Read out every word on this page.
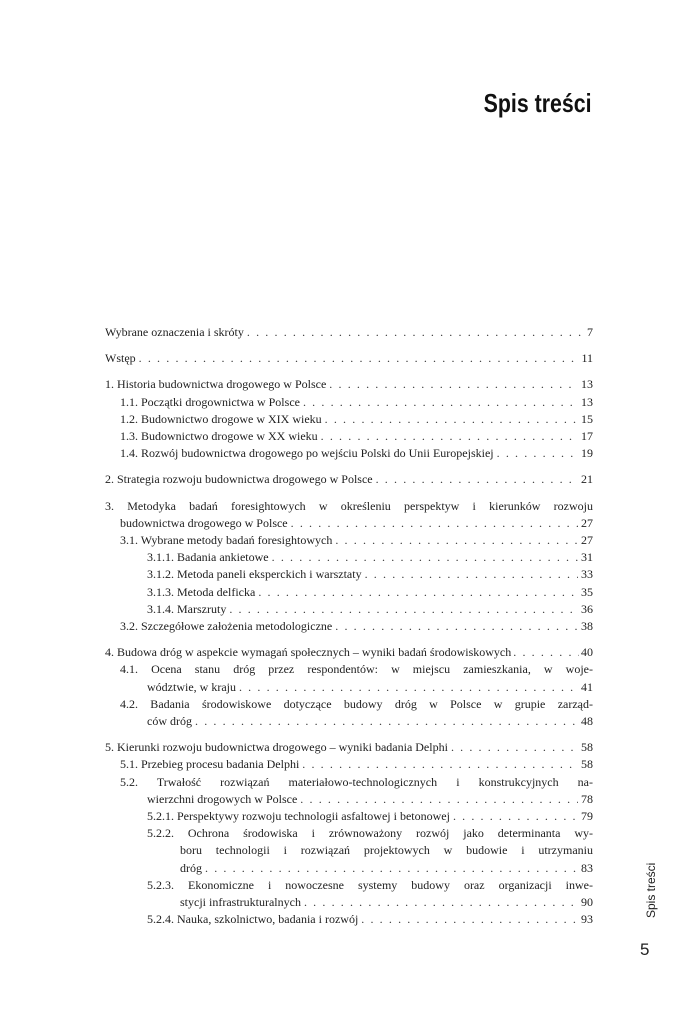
Spis treści
Wybrane oznaczenia i skróty . . .	7
Wstęp . . .	11
1. Historia budownictwa drogowego w Polsce . . .	13
1.1. Początki drogownictwa w Polsce . . .	13
1.2. Budownictwo drogowe w XIX wieku . . .	15
1.3. Budownictwo drogowe w XX wieku . . .	17
1.4. Rozwój budownictwa drogowego po wejściu Polski do Unii Europejskiej . . .	19
2. Strategia rozwoju budownictwa drogowego w Polsce . . .	21
3. Metodyka badań foresightowych w określeniu perspektyw i kierunków rozwoju
budownictwa drogowego w Polsce . . .	27
3.1. Wybrane metody badań foresightowych . . .	27
3.1.1. Badania ankietowe . . .	31
3.1.2. Metoda paneli eksperckich i warsztaty . . .	33
3.1.3. Metoda delficka . . .	35
3.1.4. Marszruty . . .	36
3.2. Szczegółowe założenia metodologiczne . . .	38
4. Budowa dróg w aspekcie wymagań społecznych – wyniki badań środowiskowych . . .	40
4.1. Ocena stanu dróg przez respondentów: w miejscu zamieszkania, w woje-
wództwie, w kraju . . .	41
4.2. Badania środowiskowe dotyczące budowy dróg w Polsce w grupie zarząd-
ców dróg . . .	48
5. Kierunki rozwoju budownictwa drogowego – wyniki badania Delphi . . .	58
5.1. Przebieg procesu badania Delphi . . .	58
5.2. Trwałość rozwiązań materiałowo-technologicznych i konstrukcyjnych na-
wierzchni drogowych w Polsce . . .	78
5.2.1. Perspektywy rozwoju technologii asfaltowej i betonowej . . .	79
5.2.2. Ochrona środowiska i zrównoważony rozwój jako determinanta wy-
boru technologii i rozwiązań projektowych w budowie i utrzymaniu
dróg . . .	83
5.2.3. Ekonomiczne i nowoczesne systemy budowy oraz organizacji inwe-
stycji infrastrukturalnych . . .	90
5.2.4. Nauka, szkolnictwo, badania i rozwój . . .	93
Spis treści
5
